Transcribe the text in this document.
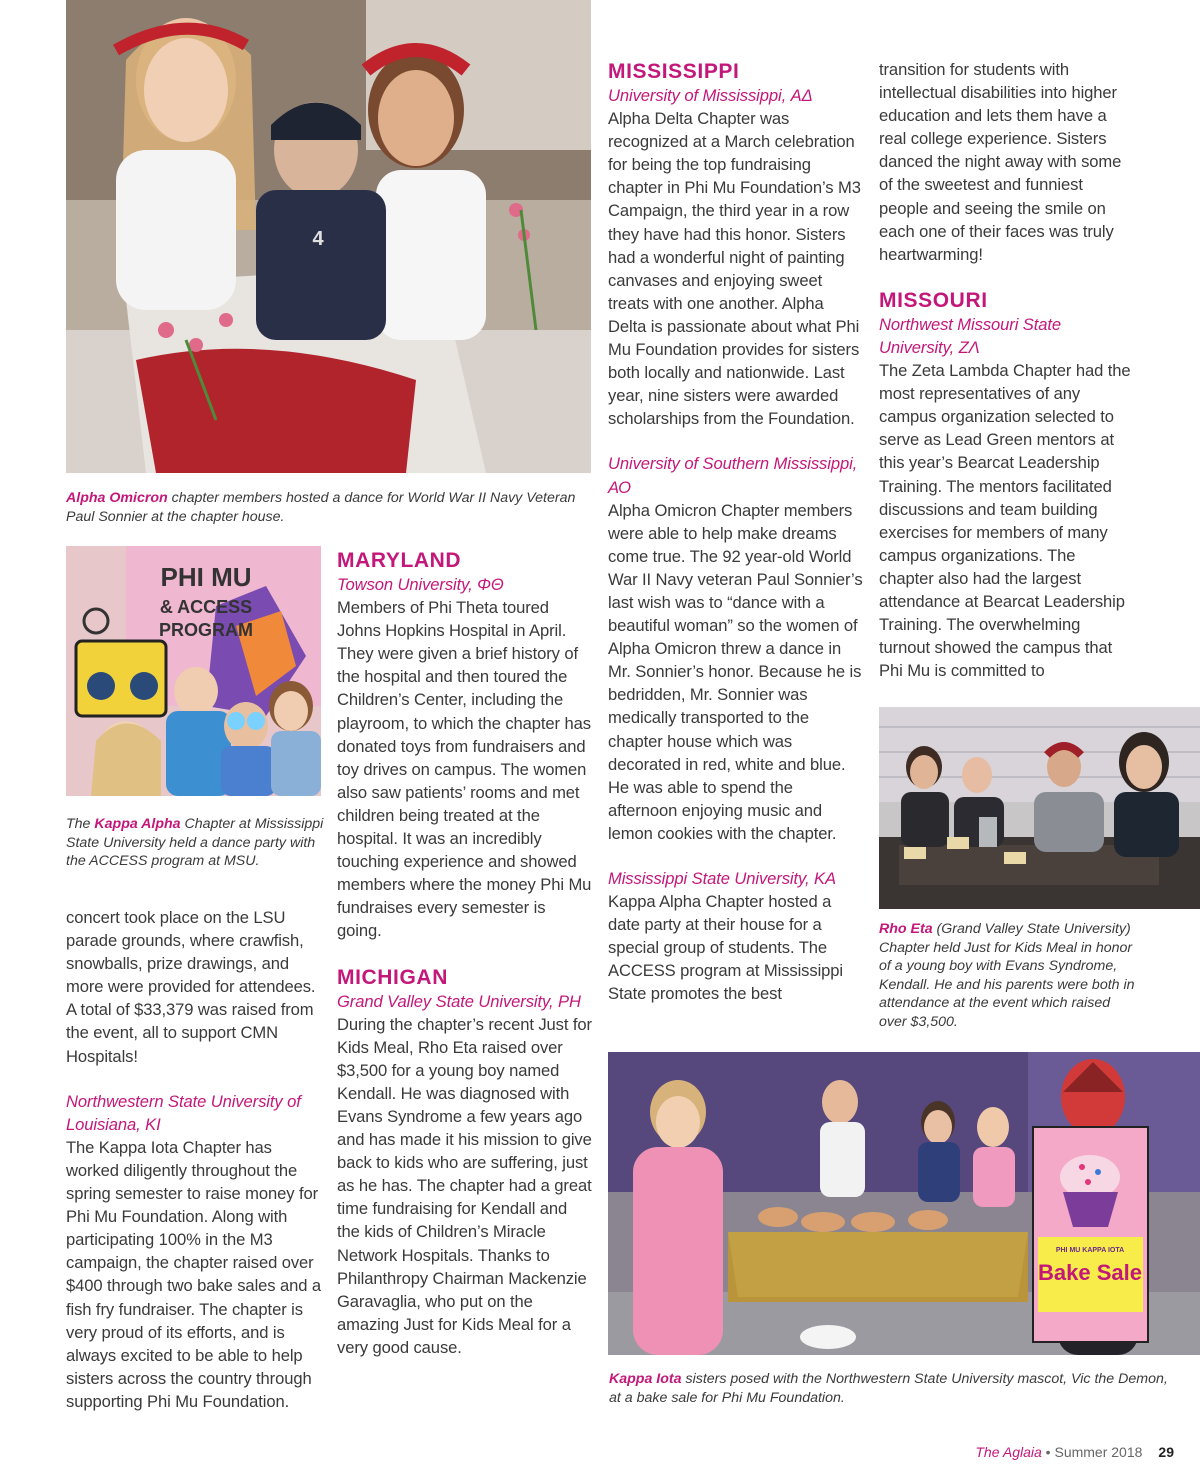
4
Alpha Omicron chapter members hosted a dance for World War II Navy Veteran Paul Sonnier at the chapter house.
PHI MU
& ACCESS
PROGRAM
The Kappa Alpha Chapter at Mississippi State University held a dance party with the ACCESS program at MSU.

concert took place on the LSU parade grounds, where crawfish, snowballs, prize drawings, and more were provided for attendees. A total of $33,379 was raised from the event, all to support CMN Hospitals!

Northwestern State University of Louisiana, ΚΙ

The Kappa Iota Chapter has worked diligently throughout the spring semester to raise money for Phi Mu Foundation. Along with participating 100% in the M3 campaign, the chapter raised over $400 through two bake sales and a fish fry fundraiser. The chapter is very proud of its efforts, and is always excited to be able to help sisters across the country through supporting Phi Mu Foundation.

MARYLAND

Towson University, ΦΘ

Members of Phi Theta toured Johns Hopkins Hospital in April. They were given a brief history of the hospital and then toured the Children’s Center, including the playroom, to which the chapter has donated toys from fundraisers and toy drives on campus. The women also saw patients’ rooms and met children being treated at the hospital. It was an incredibly touching experience and showed members where the money Phi Mu fundraises every semester is going.

MICHIGAN

Grand Valley State University, PH

During the chapter’s recent Just for Kids Meal, Rho Eta raised over $3,500 for a young boy named Kendall. He was diagnosed with Evans Syndrome a few years ago and has made it his mission to give back to kids who are suffering, just as he has. The chapter had a great time fundraising for Kendall and the kids of Children’s Miracle Network Hospitals. Thanks to Philanthropy Chairman Mackenzie Garavaglia, who put on the amazing Just for Kids Meal for a very good cause.

MISSISSIPPI

University of Mississippi, ΑΔ

Alpha Delta Chapter was recognized at a March celebration for being the top fundraising chapter in Phi Mu Foundation’s M3 Campaign, the third year in a row they have had this honor. Sisters had a wonderful night of painting canvases and enjoying sweet treats with one another. Alpha Delta is passionate about what Phi Mu Foundation provides for sisters both locally and nationwide. Last year, nine sisters were awarded scholarships from the Foundation.

University of Southern Mississippi, ΑΟ

Alpha Omicron Chapter members were able to help make dreams come true. The 92 year-old World War II Navy veteran Paul Sonnier’s last wish was to “dance with a beautiful woman” so the women of Alpha Omicron threw a dance in Mr. Sonnier’s honor. Because he is bedridden, Mr. Sonnier was medically transported to the chapter house which was decorated in red, white and blue. He was able to spend the afternoon enjoying music and lemon cookies with the chapter.

Mississippi State University, ΚΑ

Kappa Alpha Chapter hosted a date party at their house for a special group of students. The ACCESS program at Mississippi State promotes the best

transition for students with intellectual disabilities into higher education and lets them have a real college experience. Sisters danced the night away with some of the sweetest and funniest people and seeing the smile on each one of their faces was truly heartwarming!

MISSOURI

Northwest Missouri State University, ΖΛ

The Zeta Lambda Chapter had the most representatives of any campus organization selected to serve as Lead Green mentors at this year’s Bearcat Leadership Training. The mentors facilitated discussions and team building exercises for members of many campus organizations. The chapter also had the largest attendance at Bearcat Leadership Training. The overwhelming turnout showed the campus that Phi Mu is committed to

Rho Eta (Grand Valley State University) Chapter held Just for Kids Meal in honor of a young boy with Evans Syndrome, Kendall. He and his parents were both in attendance at the event which raised over $3,500.
PHI MU KAPPA IOTA
Bake Sale
Kappa Iota sisters posed with the Northwestern State University mascot, Vic the Demon, at a bake sale for Phi Mu Foundation.
The Aglaia • Summer 2018 29
